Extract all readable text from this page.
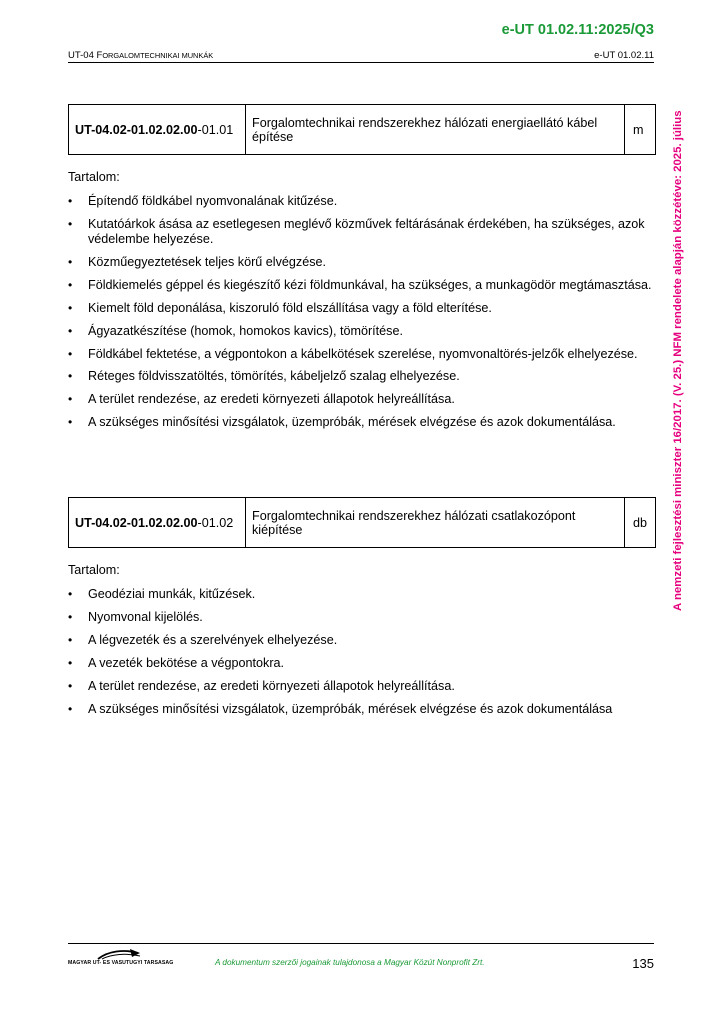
e-UT 01.02.11:2025/Q3
UT-04 FORGALOMTECHNIKAI MUNKÁK	e-UT 01.02.11
A nemzeti fejlesztési miniszter 16/2017. (V. 25.) NFM rendelete alapján közzétéve: 2025. július
UT-04.02-01.02.02.00-01.01	Forgalomtechnikai rendszerekhez hálózati energiaellátó kábel építése	m
Tartalom:
• Építendő földkábel nyomvonalának kitűzése.
• Kutatóárkok ásása az esetlegesen meglévő közművek feltárásának érdekében, ha szükséges, azok védelembe helyezése.
• Közműegyeztetések teljes körű elvégzése.
• Földkiemelés géppel és kiegészítő kézi földmunkával, ha szükséges, a munkagödör megtámasztása.
• Kiemelt föld deponálása, kiszoruló föld elszállítása vagy a föld elterítése.
• Ágyazatkészítése (homok, homokos kavics), tömörítése.
• Földkábel fektetése, a végpontokon a kábelkötések szerelése, nyomvonaltörés-jelzők elhelyezése.
• Réteges földvisszatöltés, tömörítés, kábeljelző szalag elhelyezése.
• A terület rendezése, az eredeti környezeti állapotok helyreállítása.
• A szükséges minősítési vizsgálatok, üzempróbák, mérések elvégzése és azok dokumentálása.
UT-04.02-01.02.02.00-01.02	Forgalomtechnikai rendszerekhez hálózati csatlakozópont kiépítése	db
Tartalom:
• Geodéziai munkák, kitűzések.
• Nyomvonal kijelölés.
• A légvezeték és a szerelvények elhelyezése.
• A vezeték bekötése a végpontokra.
• A terület rendezése, az eredeti környezeti állapotok helyreállítása.
• A szükséges minősítési vizsgálatok, üzempróbák, mérések elvégzése és azok dokumentálása
MAGYAR UT- ES VASUTUGYI TARSASAG	A dokumentum szerzői jogainak tulajdonosa a Magyar Közút Nonprofit Zrt.	135
